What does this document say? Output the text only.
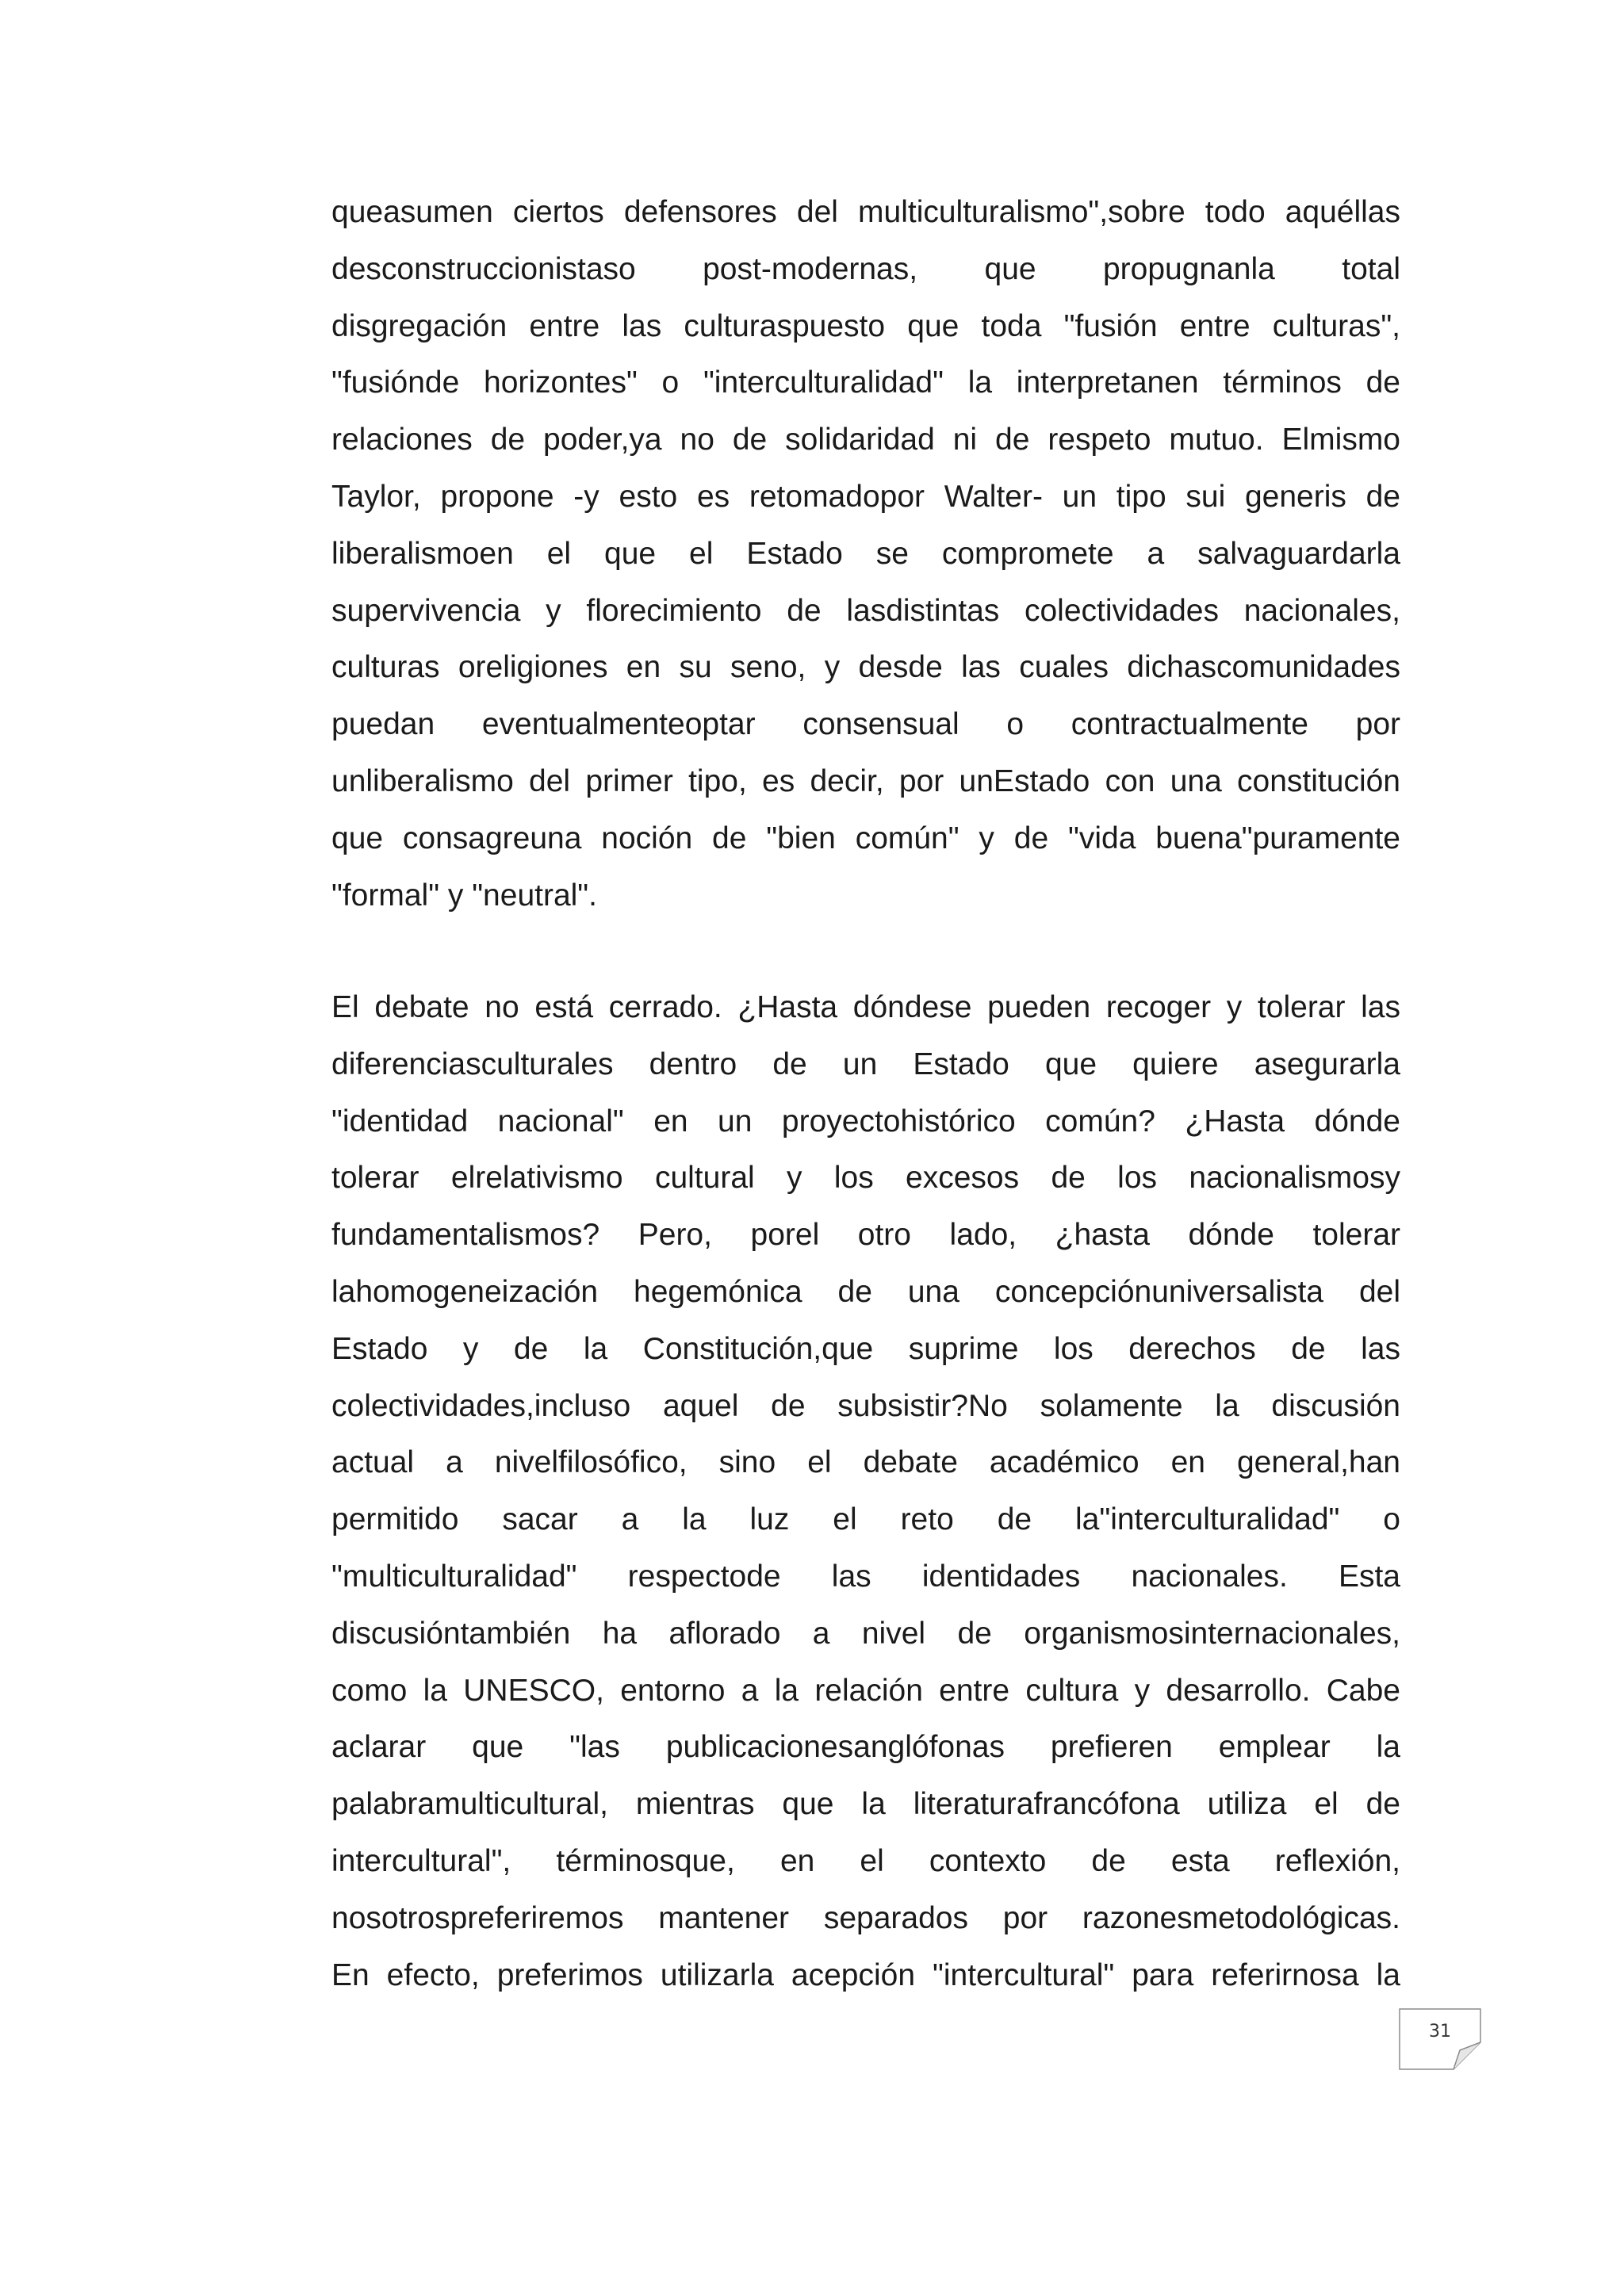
queasumen ciertos defensores del multiculturalismo",sobre todo aquéllas
desconstruccionistaso post-modernas, que propugnanla total
disgregación entre las culturaspuesto que toda "fusión entre culturas",
"fusiónde horizontes" o "interculturalidad" la interpretanen términos de
relaciones de poder,ya no de solidaridad ni de respeto mutuo. Elmismo
Taylor, propone -y esto es retomadopor Walter- un tipo sui generis de
liberalismoen el que el Estado se compromete a salvaguardarla
supervivencia y florecimiento de lasdistintas colectividades nacionales,
culturas oreligiones en su seno, y desde las cuales dichascomunidades
puedan eventualmenteoptar consensual o contractualmente por
unliberalismo del primer tipo, es decir, por unEstado con una constitución
que consagreuna noción de "bien común" y de "vida buena"puramente
"formal" y "neutral".
El debate no está cerrado. ¿Hasta dóndese pueden recoger y tolerar las
diferenciasculturales dentro de un Estado que quiere asegurarla
"identidad nacional" en un proyectohistórico común? ¿Hasta dónde
tolerar elrelativismo cultural y los excesos de los nacionalismosy
fundamentalismos? Pero, porel otro lado, ¿hasta dónde tolerar
lahomogeneización hegemónica de una concepciónuniversalista del
Estado y de la Constitución,que suprime los derechos de las
colectividades,incluso aquel de subsistir?No solamente la discusión
actual a nivelfilosófico, sino el debate académico en general,han
permitido sacar a la luz el reto de la"interculturalidad" o
"multiculturalidad" respectode las identidades nacionales. Esta
discusióntambién ha aflorado a nivel de organismosinternacionales,
como la UNESCO, entorno a la relación entre cultura y desarrollo. Cabe
aclarar que "las publicacionesanglófonas prefieren emplear la
palabramulticultural, mientras que la literaturafrancófona utiliza el de
intercultural", términosque, en el contexto de esta reflexión,
nosotrospreferiremos mantener separados por razonesmetodológicas.
En efecto, preferimos utilizarla acepción "intercultural" para referirnosa la
31
